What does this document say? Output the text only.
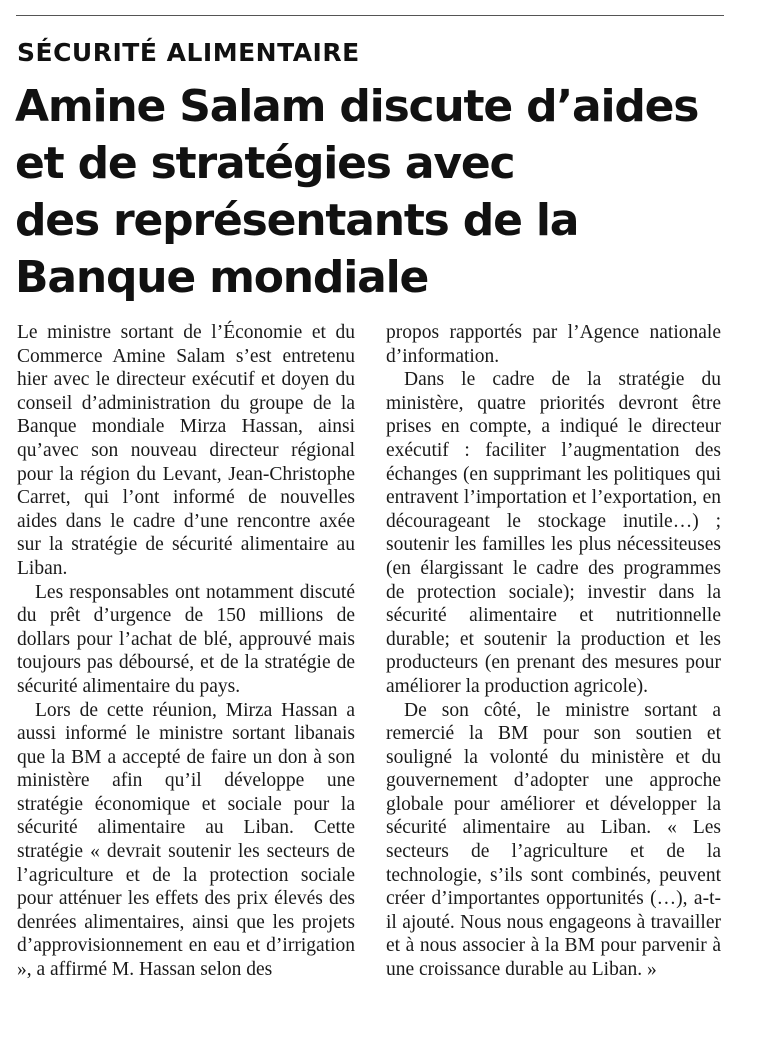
SÉCURITÉ ALIMENTAIRE
Amine Salam discute d’aides
et de stratégies avec
des représentants de la
Banque mondiale

Le ministre sortant de l’Économie et du Commerce Amine Salam s’est entretenu hier avec le directeur exécutif et doyen du conseil d’administration du groupe de la Banque mondiale Mirza Hassan, ainsi qu’avec son nouveau directeur régional pour la région du Levant, Jean-Christophe Carret, qui l’ont informé de nouvelles aides dans le cadre d’une rencontre axée sur la stratégie de sécurité alimentaire au Liban.

Les responsables ont notamment discuté du prêt d’urgence de 150 millions de dollars pour l’achat de blé, approuvé mais toujours pas déboursé, et de la stratégie de sécurité alimentaire du pays.

Lors de cette réunion, Mirza Hassan a aussi informé le ministre sortant libanais que la BM a accepté de faire un don à son ministère afin qu’il développe une stratégie économique et sociale pour la sécurité alimentaire au Liban. Cette stratégie « devrait soutenir les secteurs de l’agriculture et de la protection sociale pour atténuer les effets des prix élevés des denrées alimentaires, ainsi que les projets d’approvisionnement en eau et d’irrigation », a affirmé M. Hassan selon des

propos rapportés par l’Agence nationale d’information.

Dans le cadre de la stratégie du ministère, quatre priorités devront être prises en compte, a indiqué le directeur exécutif : faciliter l’augmentation des échanges (en supprimant les politiques qui entravent l’importation et l’exportation, en décourageant le stockage inutile…) ; soutenir les familles les plus nécessiteuses (en élargissant le cadre des programmes de protection sociale); investir dans la sécurité alimentaire et nutritionnelle durable; et soutenir la production et les producteurs (en prenant des mesures pour améliorer la production agricole).

De son côté, le ministre sortant a remercié la BM pour son soutien et souligné la volonté du ministère et du gouvernement d’adopter une approche globale pour améliorer et développer la sécurité alimentaire au Liban. « Les secteurs de l’agriculture et de la technologie, s’ils sont combinés, peuvent créer d’importantes opportunités (…), a-t-il ajouté. Nous nous engageons à travailler et à nous associer à la BM pour parvenir à une croissance durable au Liban. »
